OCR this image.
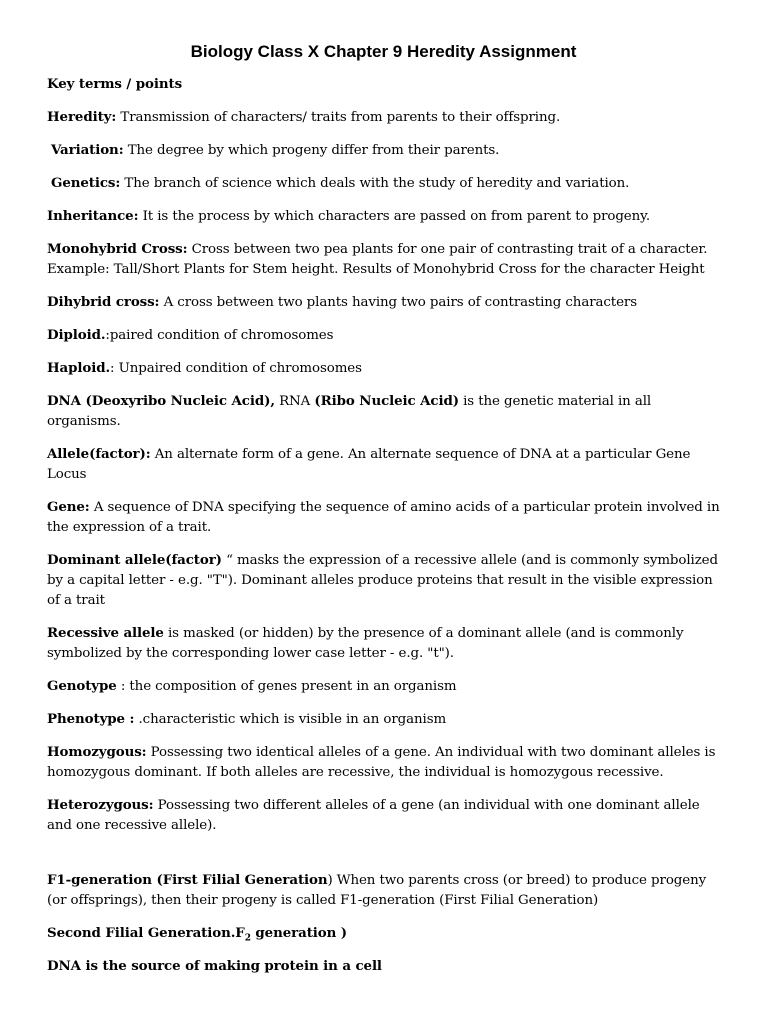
Biology Class X Chapter 9 Heredity Assignment
Key terms / points
Heredity: Transmission of characters/ traits from parents to their offspring.
Variation: The degree by which progeny differ from their parents.
Genetics: The branch of science which deals with the study of heredity and variation.
Inheritance: It is the process by which characters are passed on from parent to progeny.
Monohybrid Cross: Cross between two pea plants for one pair of contrasting trait of a character. Example: Tall/Short Plants for Stem height. Results of Monohybrid Cross for the character Height
Dihybrid cross: A cross between two plants having two pairs of contrasting characters
Diploid.:paired condition of chromosomes
Haploid.: Unpaired condition of chromosomes
DNA (Deoxyribo Nucleic Acid), RNA (Ribo Nucleic Acid) is the genetic material in all organisms.
Allele(factor): An alternate form of a gene. An alternate sequence of DNA at a particular Gene Locus
Gene: A sequence of DNA specifying the sequence of amino acids of a particular protein involved in the expression of a trait.
Dominant allele(factor) “ masks the expression of a recessive allele (and is commonly symbolized by a capital letter - e.g. "T"). Dominant alleles produce proteins that result in the visible expression of a trait
Recessive allele is masked (or hidden) by the presence of a dominant allele (and is commonly symbolized by the corresponding lower case letter - e.g. "t").
Genotype : the composition of genes present in an organism
Phenotype : .characteristic which is visible in an organism
Homozygous: Possessing two identical alleles of a gene. An individual with two dominant alleles is homozygous dominant. If both alleles are recessive, the individual is homozygous recessive.
Heterozygous: Possessing two different alleles of a gene (an individual with one dominant allele and one recessive allele).
F1-generation (First Filial Generation) When two parents cross (or breed) to produce progeny (or offsprings), then their progeny is called F1-generation (First Filial Generation)
Second Filial $Generation.F_2$ generation )
DNA is the source of making protein in a cell
